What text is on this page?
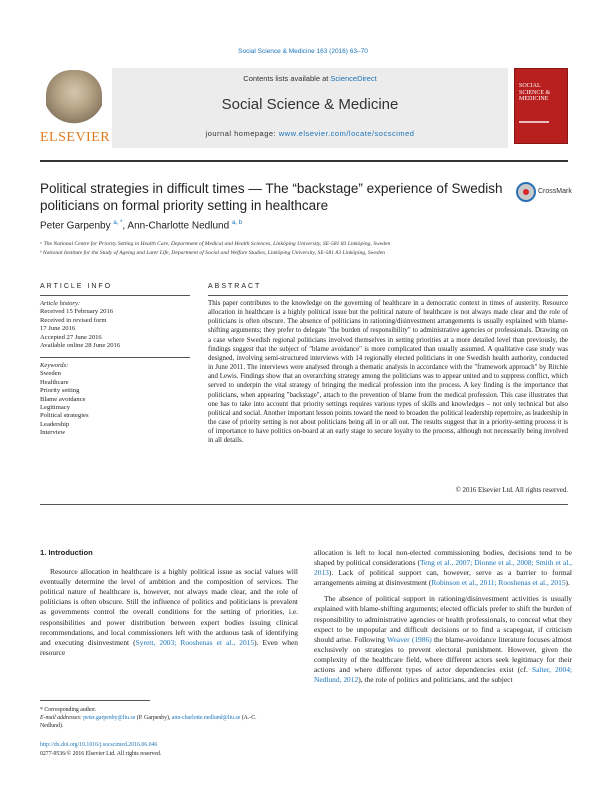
Social Science & Medicine 163 (2016) 63–70
ELSEVIER
Contents lists available at ScienceDirect
Social Science & Medicine
journal homepage: www.elsevier.com/locate/socscimed
SOCIAL SCIENCE & MEDICINE
Political strategies in difficult times — The “backstage” experience of Swedish politicians on formal priority setting in healthcare
CrossMark
Peter Garpenby $^{a, *}$, Ann-Charlotte Nedlund $^{a, b}$
ᵃ The National Centre for Priority Setting in Health Care, Department of Medical and Health Sciences, Linköping University, SE-581 83 Linköping, Sweden
ᵇ National Institute for the Study of Ageing and Later Life, Department of Social and Welfare Studies, Linköping University, SE-581 83 Linköping, Sweden
ARTICLE INFO	ABSTRACT
Article history:
Received 15 February 2016
Received in revised form
17 June 2016
Accepted 27 June 2016
Available online 28 June 2016
Keywords:
Sweden
Healthcare
Priority setting
Blame avoidance
Legitimacy
Political strategies
Leadership
Interview
This paper contributes to the knowledge on the governing of healthcare in a democratic context in times of austerity. Resource allocation in healthcare is a highly political issue but the political nature of healthcare is not always made clear and the role of politicians is often obscure. The absence of politicians in rationing/disinvestment arrangements is usually explained with blame-shifting arguments; they prefer to delegate "the burden of responsibility" to administrative agencies or professionals. Drawing on a case where Swedish regional politicians involved themselves in setting priorities at a more detailed level than previously, the findings suggest that the subject of "blame avoidance" is more complicated than usually assumed. A qualitative case study was designed, involving semi-structured interviews with 14 regionally elected politicians in one Swedish health authority, conducted in June 2011. The interviews were analysed through a thematic analysis in accordance with the "framework approach" by Ritchie and Lewis. Findings show that an overarching strategy among the politicians was to appear united and to suppress conflict, which served to underpin the vital strategy of bringing the medical profession into the process. A key finding is the importance that politicians, when appearing "backstage", attach to the prevention of blame from the medical profession. This case illustrates that one has to take into account that priority settings requires various types of skills and knowledges – not only technical but also political and social. Another important lesson points toward the need to broaden the political leadership repertoire, as leadership in the case of priority setting is not about politicians being all in or all out. The results suggest that in a priority-setting process it is of importance to have politics on-board at an early stage to secure loyalty to the process, although not necessarily being involved in all details.
© 2016 Elsevier Ltd. All rights reserved.
1. Introduction

Resource allocation in healthcare is a highly political issue as social values will eventually determine the level of ambition and the composition of services. The political nature of healthcare is, however, not always made clear, and the role of politicians is often obscure. Still the influence of politics and politicians is prevalent as governments control the overall conditions for the setting of priorities, i.e. responsibilities and power distribution between expert bodies issuing clinical recommendations, and local commissioners left with the arduous task of identifying and executing disinvestment (Syrett, 2003; Rooshenas et al., 2015). Even when resource

allocation is left to local non-elected commissioning bodies, decisions tend to be shaped by political considerations (Teng et al., 2007; Dionne et al., 2008; Smith et al., 2013). Lack of political support can, however, serve as a barrier to formal arrangements aiming at disinvestment (Robinson et al., 2011; Rooshenas et al., 2015).

The absence of political support in rationing/disinvestment activities is usually explained with blame-shifting arguments; elected officials prefer to shift the burden of responsibility to administrative agencies or health professionals, to conceal what they expect to be unpopular and difficult decisions or to find a scapegoat, if criticism should arise. Following Weaver (1986) the blame-avoidance literature focuses almost exclusively on strategies to prevent electoral punishment. However, given the complexity of the healthcare field, where different actors seek legitimacy for their actions and where different types of actor dependencies exist (cf. Salter, 2004; Nedlund, 2012), the role of politics and politicians, and the subject

* Corresponding author.
E-mail addresses: peter.garpenby@liu.se (P. Garpenby), ann-charlotte.nedlund@liu.se (A.-C. Nedlund).
http://dx.doi.org/10.1016/j.socscimed.2016.06.046
0277-9536/© 2016 Elsevier Ltd. All rights reserved.
